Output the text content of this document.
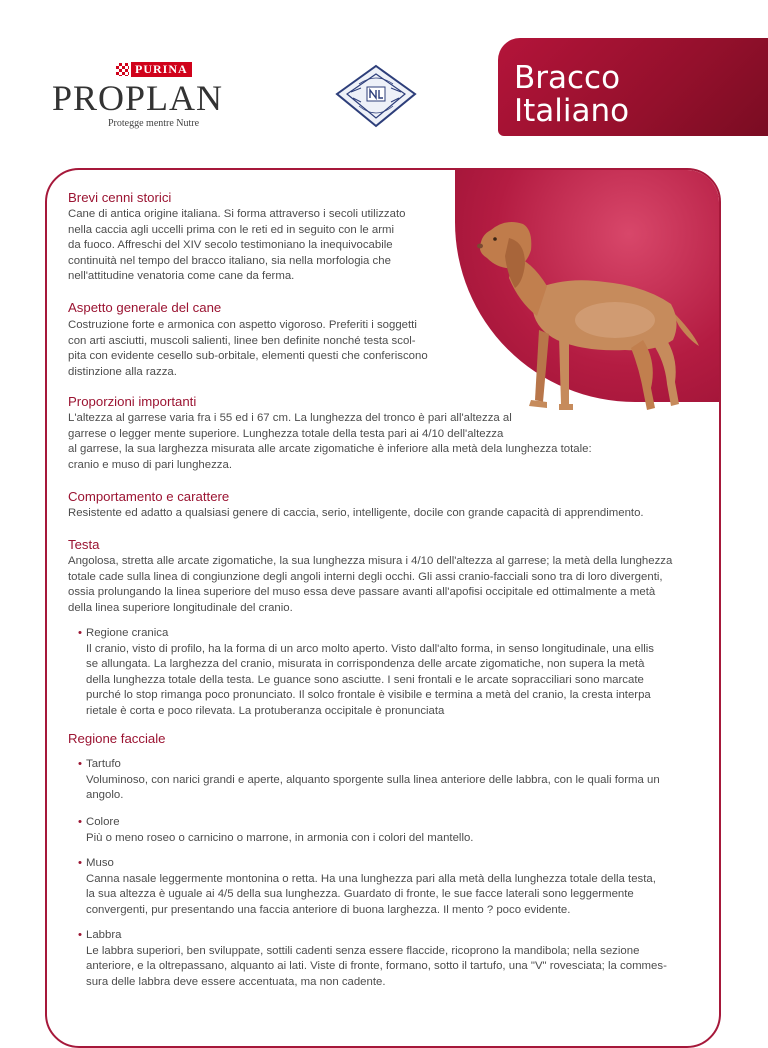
PURINA
PROPLAN
Protegge mentre Nutre
Bracco
Italiano
Brevi cenni storici
Cane di antica origine italiana. Si forma attraverso i secoli utilizzato
nella caccia agli uccelli prima con le reti ed in seguito con le armi
da fuoco. Affreschi del XIV secolo testimoniano la inequivocabile
continuità nel tempo del bracco italiano, sia nella morfologia che
nell'attitudine venatoria come cane da ferma.
Aspetto generale del cane
Costruzione forte e armonica con aspetto vigoroso. Preferiti i soggetti
con arti asciutti, muscoli salienti, linee ben definite nonché testa scol-
pita con evidente cesello sub-orbitale, elementi questi che conferiscono
distinzione alla razza.
Proporzioni importanti
L'altezza al garrese varia fra i 55 ed i 67 cm. La lunghezza del tronco è pari all'altezza al
garrese o legger mente superiore. Lunghezza totale della testa pari ai 4/10 dell'altezza
al garrese, la sua larghezza misurata alle arcate zigomatiche è inferiore alla metà dela lunghezza totale:
cranio e muso di pari lunghezza.
Comportamento e carattere
Resistente ed adatto a qualsiasi genere di caccia, serio, intelligente, docile con grande capacità di apprendimento.
Testa
Angolosa, stretta alle arcate zigomatiche, la sua lunghezza misura i 4/10 dell'altezza al garrese; la metà della lunghezza
totale cade sulla linea di congiunzione degli angoli interni degli occhi. Gli assi cranio-facciali sono tra di loro divergenti,
ossia prolungando la linea superiore del muso essa deve passare avanti all'apofisi occipitale ed ottimalmente a metà
della linea superiore longitudinale del cranio.
• Regione cranica
Il cranio, visto di profilo, ha la forma di un arco molto aperto. Visto dall'alto forma, in senso longitudinale, una ellis
se allungata. La larghezza del cranio, misurata in corrispondenza delle arcate zigomatiche, non supera la metà
della lunghezza totale della testa. Le guance sono asciutte. I seni frontali e le arcate sopracciliari sono marcate
purché lo stop rimanga poco pronunciato. Il solco frontale è visibile e termina a metà del cranio, la cresta interpa
rietale è corta e poco rilevata. La protuberanza occipitale è pronunciata
Regione facciale
• Tartufo
Voluminoso, con narici grandi e aperte, alquanto sporgente sulla linea anteriore delle labbra, con le quali forma un
angolo.
• Colore
Più o meno roseo o carnicino o marrone, in armonia con i colori del mantello.
• Muso
Canna nasale leggermente montonina o retta. Ha una lunghezza pari alla metà della lunghezza totale della testa,
la sua altezza è uguale ai 4/5 della sua lunghezza. Guardato di fronte, le sue facce laterali sono leggermente
convergenti, pur presentando una faccia anteriore di buona larghezza. Il mento ? poco evidente.
• Labbra
Le labbra superiori, ben sviluppate, sottili cadenti senza essere flaccide, ricoprono la mandibola; nella sezione
anteriore, e la oltrepassano, alquanto ai lati. Viste di fronte, formano, sotto il tartufo, una "V" rovesciata; la commes-
sura delle labbra deve essere accentuata, ma non cadente.
